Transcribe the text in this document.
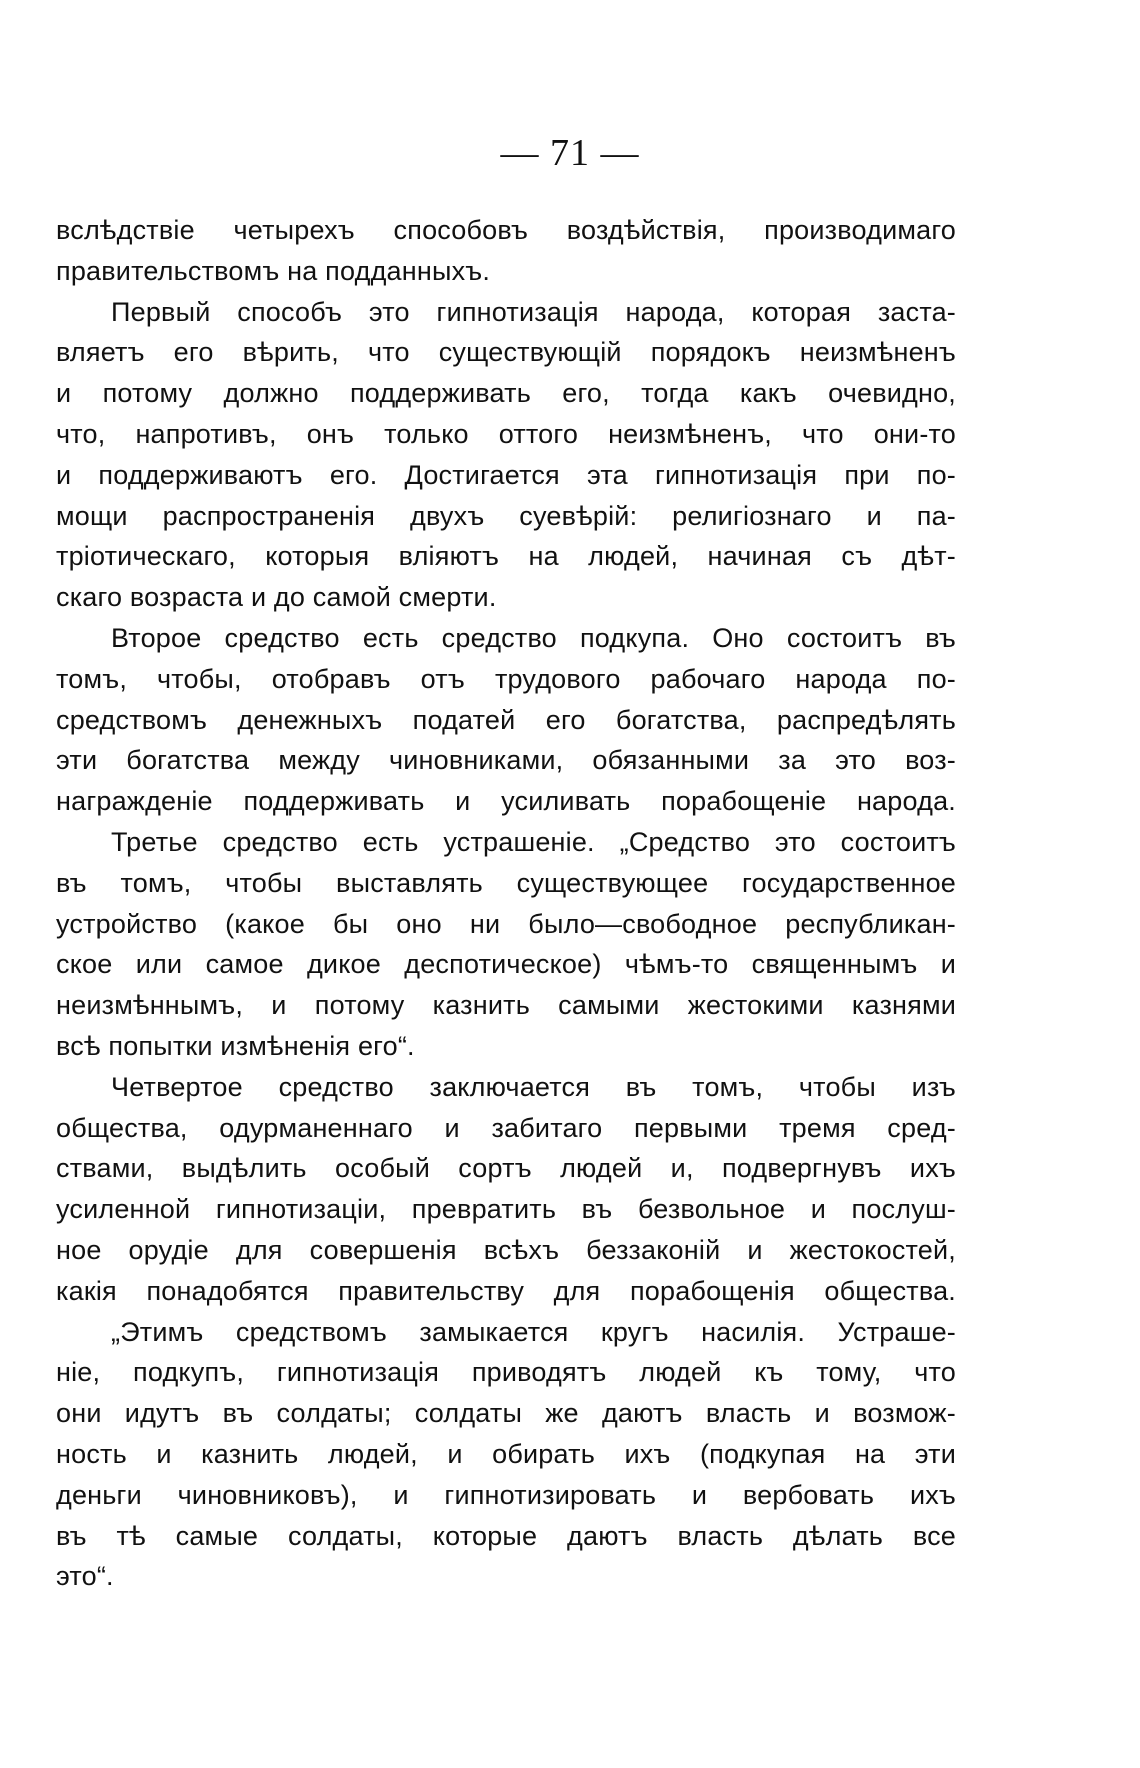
— 71 —
вслѣдствіе четырехъ способовъ воздѣйствія, производимаго
правительствомъ на подданныхъ.
Первый способъ это гипнотизація народа, которая заста-
вляетъ его вѣрить, что существующій порядокъ неизмѣненъ
и потому должно поддерживать его, тогда какъ очевидно,
что, напротивъ, онъ только оттого неизмѣненъ, что они-то
и поддерживаютъ его. Достигается эта гипнотизація при по-
мощи распространенія двухъ суевѣрій: религіознаго и па-
тріотическаго, которыя вліяютъ на людей, начиная съ дѣт-
скаго возраста и до самой смерти.
Второе средство есть средство подкупа. Оно состоитъ въ
томъ, чтобы, отобравъ отъ трудового рабочаго народа по-
средствомъ денежныхъ податей его богатства, распредѣлять
эти богатства между чиновниками, обязанными за это воз-
награжденіе поддерживать и усиливать порабощеніе народа.
Третье средство есть устрашеніе. „Средство это состоитъ
въ томъ, чтобы выставлять существующее государственное
устройство (какое бы оно ни было—свободное республикан-
ское или самое дикое деспотическое) чѣмъ-то священнымъ и
неизмѣннымъ, и потому казнить самыми жестокими казнями
всѣ попытки измѣненія его“.
Четвертое средство заключается въ томъ, чтобы изъ
общества, одурманеннаго и забитаго первыми тремя сред-
ствами, выдѣлить особый сортъ людей и, подвергнувъ ихъ
усиленной гипнотизаціи, превратить въ безвольное и послуш-
ное орудіе для совершенія всѣхъ беззаконій и жестокостей,
какія понадобятся правительству для порабощенія общества.
„Этимъ средствомъ замыкается кругъ насилія. Устраше-
ніе, подкупъ, гипнотизація приводятъ людей къ тому, что
они идутъ въ солдаты; солдаты же даютъ власть и возмож-
ность и казнить людей, и обирать ихъ (подкупая на эти
деньги чиновниковъ), и гипнотизировать и вербовать ихъ
въ тѣ самые солдаты, которые даютъ власть дѣлать все
это“.
